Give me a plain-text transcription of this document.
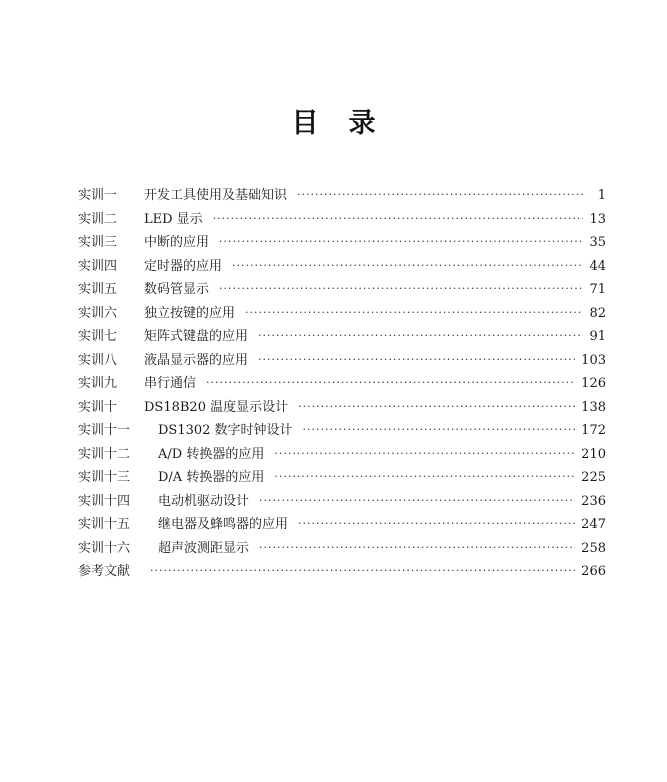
目录
实训一	开发工具使用及基础知识 ·····	1
实训二	LED 显示 ·····	13
实训三	中断的应用 ·····	35
实训四	定时器的应用 ·····	44
实训五	数码管显示 ·····	71
实训六	独立按键的应用 ·····	82
实训七	矩阵式键盘的应用 ·····	91
实训八	液晶显示器的应用 ·····	103
实训九	串行通信 ·····	126
实训十	DS18B20 温度显示设计 ·····	138
实训十一	DS1302 数字时钟设计 ·····	172
实训十二	A/D 转换器的应用 ·····	210
实训十三	D/A 转换器的应用 ·····	225
实训十四	电动机驱动设计 ·····	236
实训十五	继电器及蜂鸣器的应用 ·····	247
实训十六	超声波测距显示 ·····	258
参考文献 ·····	266
